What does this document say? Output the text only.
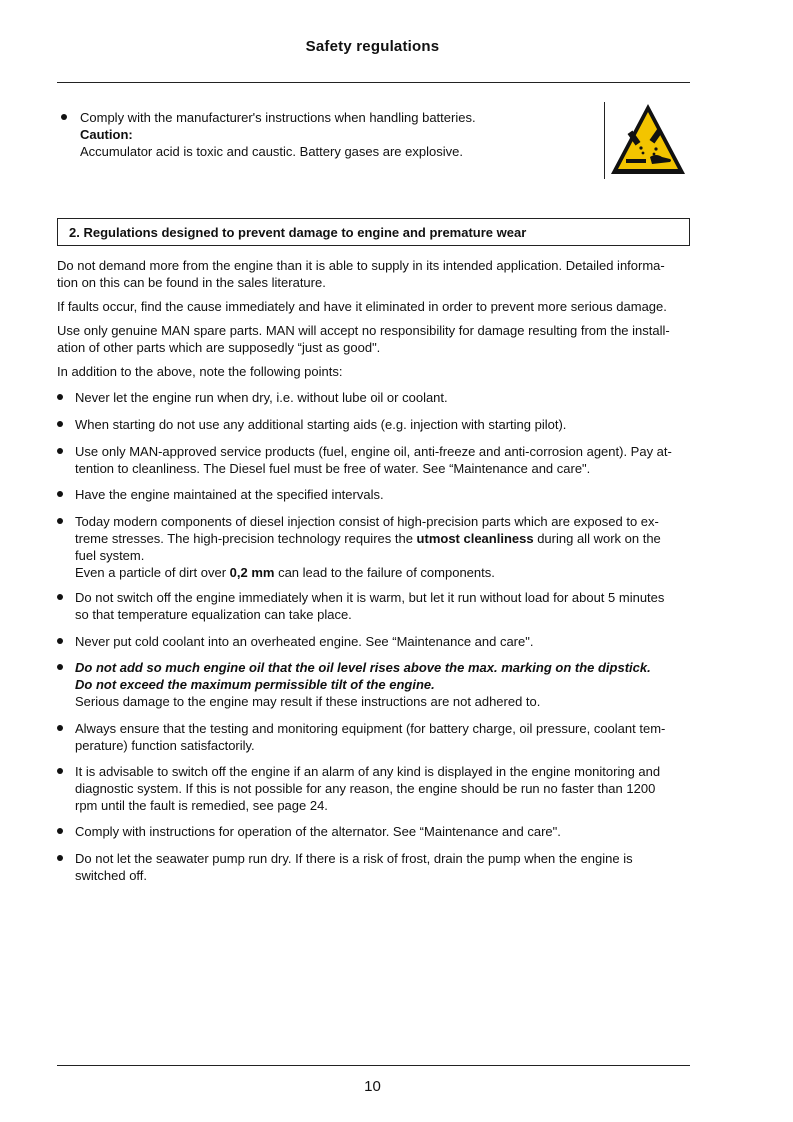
Safety regulations
Comply with the manufacturer's instructions when handling batteries.
Caution:
Accumulator acid is toxic and caustic. Battery gases are explosive.
2. Regulations designed to prevent damage to engine and premature wear
Do not demand more from the engine than it is able to supply in its intended application. Detailed informa-
tion on this can be found in the sales literature.
If faults occur, find the cause immediately and have it eliminated in order to prevent more serious damage.
Use only genuine MAN spare parts. MAN will accept no responsibility for damage resulting from the install-
ation of other parts which are supposedly “just as good".
In addition to the above, note the following points:
Never let the engine run when dry, i.e. without lube oil or coolant.
When starting do not use any additional starting aids (e.g. injection with starting pilot).
Use only MAN-approved service products (fuel, engine oil, anti-freeze and anti-corrosion agent). Pay at-
tention to cleanliness. The Diesel fuel must be free of water. See “Maintenance and care".
Have the engine maintained at the specified intervals.
Today modern components of diesel injection consist of high-precision parts which are exposed to ex-
treme stresses. The high-precision technology requires the utmost cleanliness during all work on the
fuel system.
Even a particle of dirt over 0,2 mm can lead to the failure of components.
Do not switch off the engine immediately when it is warm, but let it run without load for about 5 minutes
so that temperature equalization can take place.
Never put cold coolant into an overheated engine. See “Maintenance and care".
Do not add so much engine oil that the oil level rises above the max. marking on the dipstick.
Do not exceed the maximum permissible tilt of the engine.
Serious damage to the engine may result if these instructions are not adhered to.
Always ensure that the testing and monitoring equipment (for battery charge, oil pressure, coolant tem-
perature) function satisfactorily.
It is advisable to switch off the engine if an alarm of any kind is displayed in the engine monitoring and
diagnostic system. If this is not possible for any reason, the engine should be run no faster than 1200
rpm until the fault is remedied, see page 24.
Comply with instructions for operation of the alternator. See “Maintenance and care".
Do not let the seawater pump run dry. If there is a risk of frost, drain the pump when the engine is
switched off.
10
